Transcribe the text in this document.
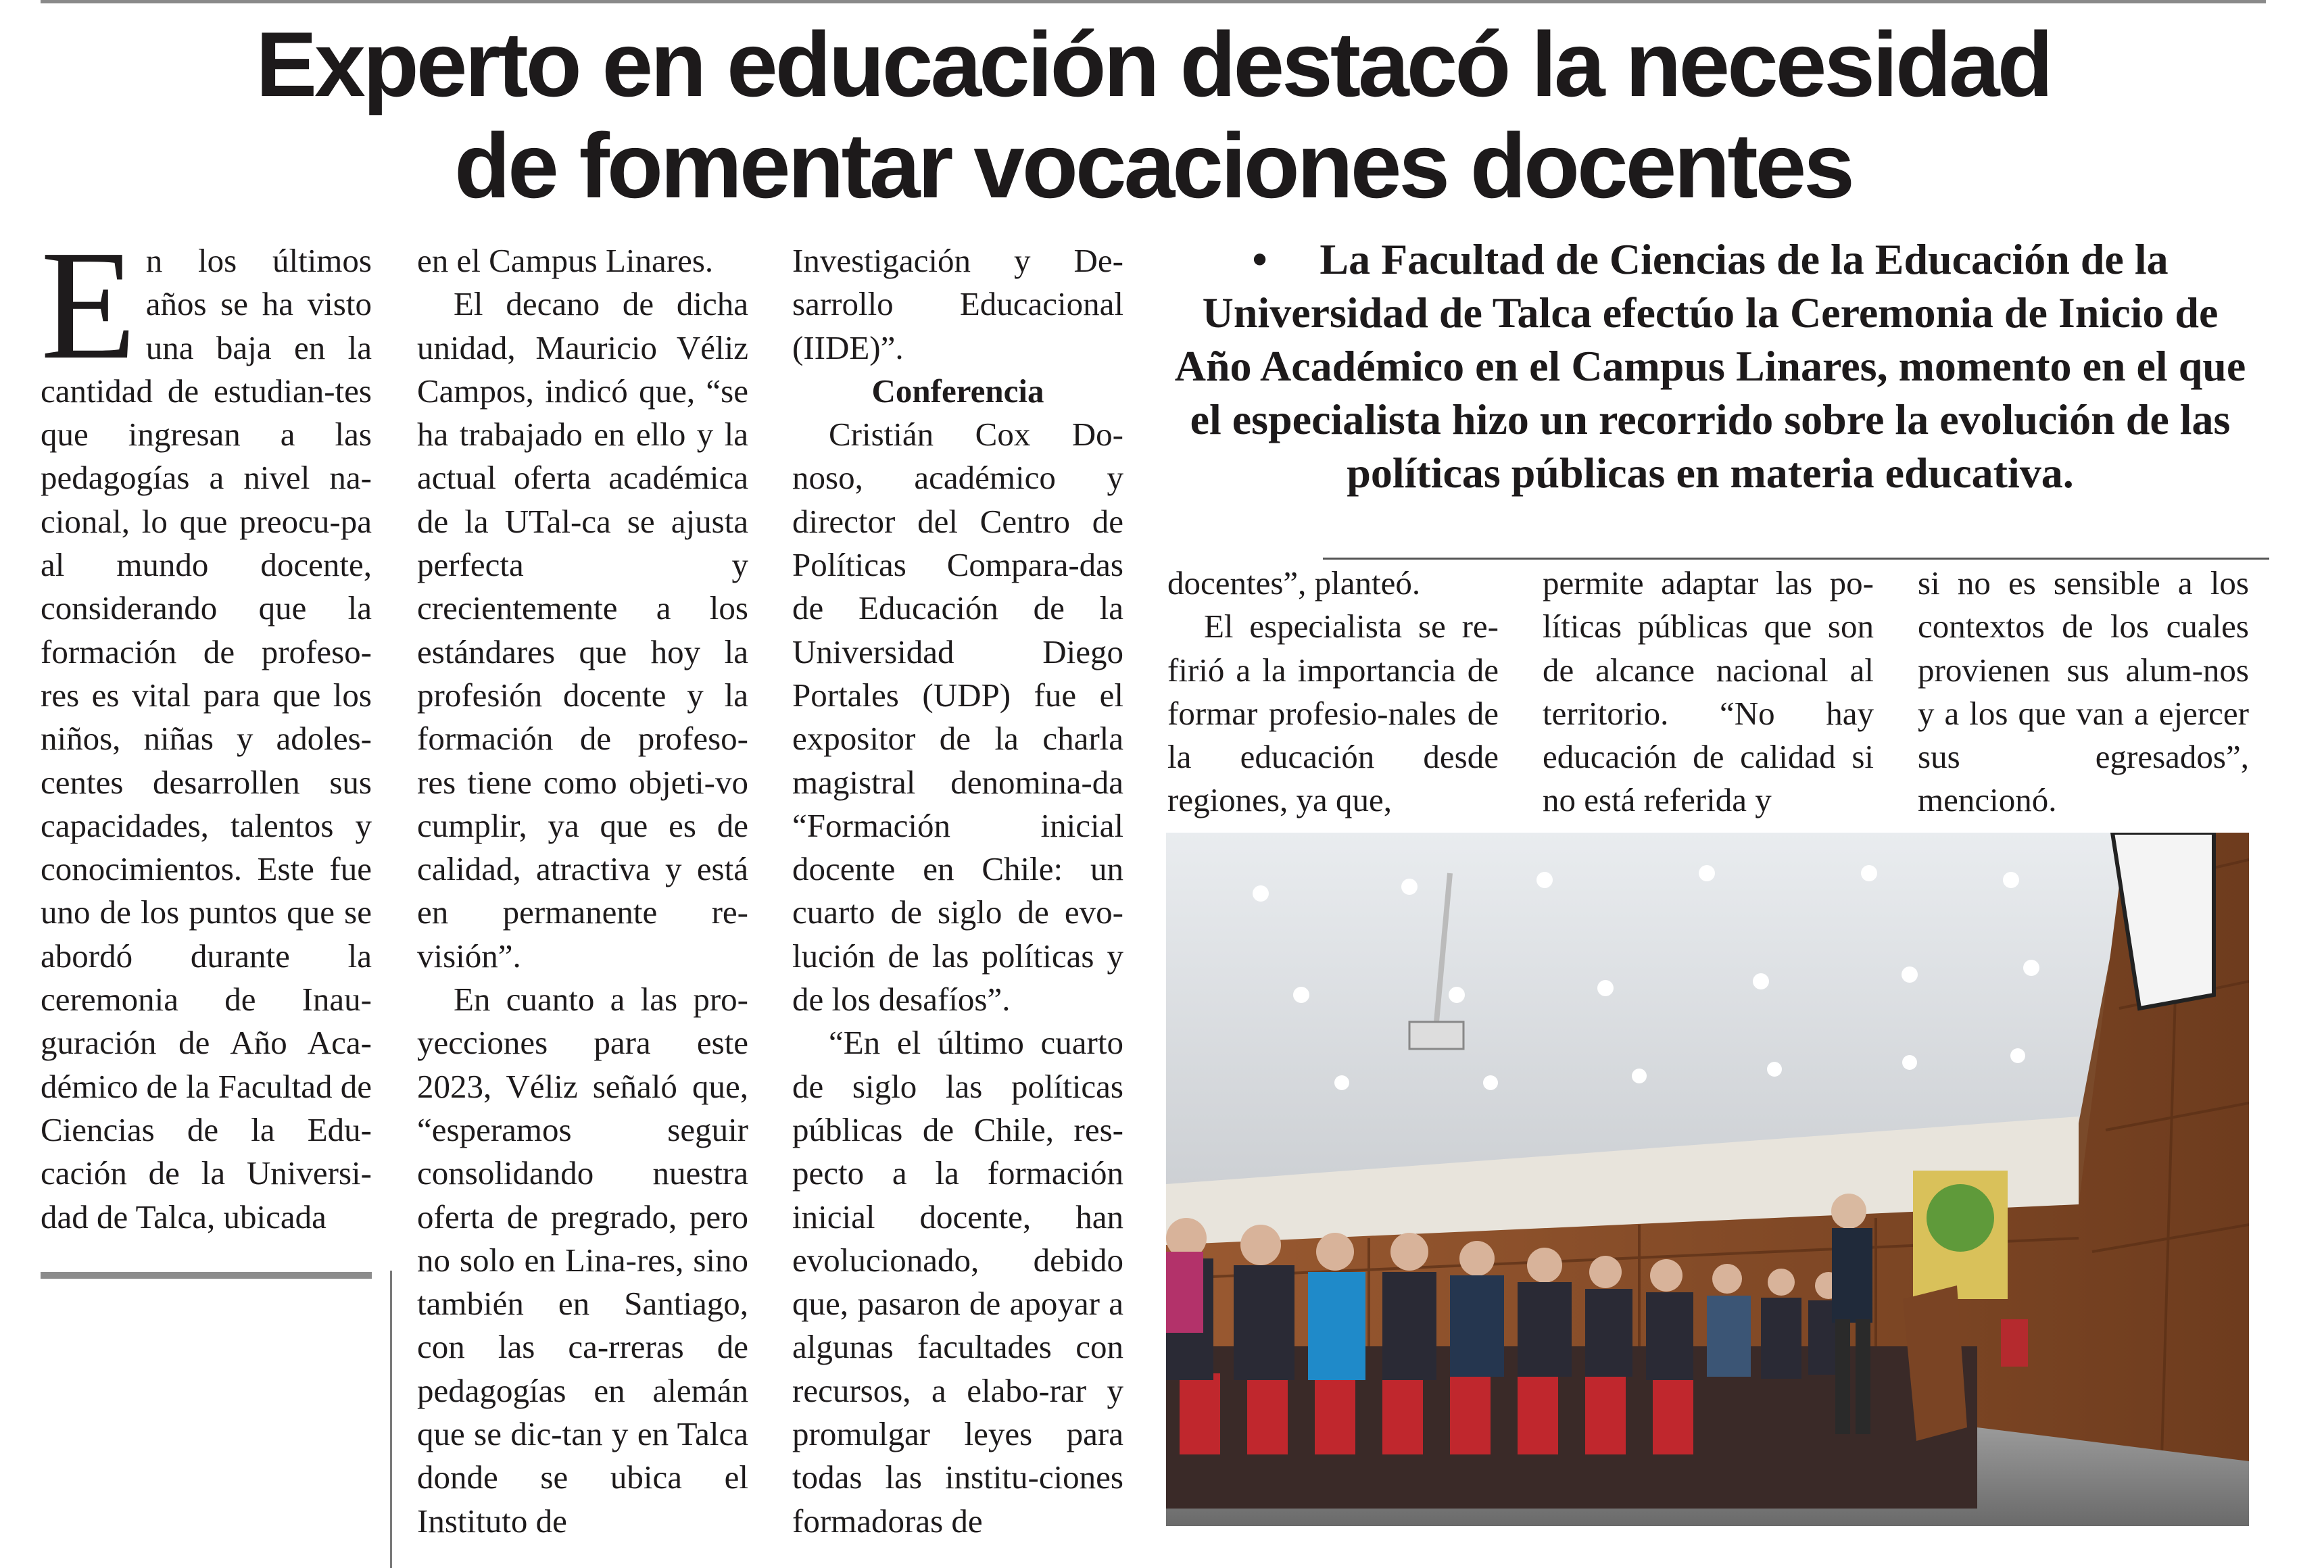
Experto en educación destacó la necesidad
de fomentar vocaciones docentes

En los últimos años se ha visto una baja en la cantidad de estudian-tes que ingresan a las pedagogías a nivel na-cional, lo que preocu-pa al mundo docente, considerando que la formación de profeso-res es vital para que los niños, niñas y adoles-centes desarrollen sus capacidades, talentos y conocimientos. Este fue uno de los puntos que se abordó durante la ceremonia de Inau-guración de Año Aca-démico de la Facultad de Ciencias de la Edu-cación de la Universi-dad de Talca, ubicada

en el Campus Linares.

El decano de dicha unidad, Mauricio Véliz Campos, indicó que, “se ha trabajado en ello y la actual oferta académica de la UTal-ca se ajusta perfecta y crecientemente a los estándares que hoy la profesión docente y la formación de profeso-res tiene como objeti-vo cumplir, ya que es de calidad, atractiva y está en permanente re-visión”.

En cuanto a las pro-yecciones para este 2023, Véliz señaló que, “esperamos seguir consolidando nuestra oferta de pregrado, pero no solo en Lina-res, sino también en Santiago, con las ca-rreras de pedagogías en alemán que se dic-tan y en Talca donde se ubica el Instituto de

Investigación y De-sarrollo Educacional (IIDE)”.

Conferencia

Cristián Cox Do-noso, académico y director del Centro de Políticas Compara-das de Educación de la Universidad Diego Portales (UDP) fue el expositor de la charla magistral denomina-da “Formación inicial docente en Chile: un cuarto de siglo de evo-lución de las políticas y de los desafíos”.

“En el último cuarto de siglo las políticas públicas de Chile, res-pecto a la formación inicial docente, han evolucionado, debido que, pasaron de apoyar a algunas facultades con recursos, a elabo-rar y promulgar leyes para todas las institu-ciones formadoras de

• La Facultad de Ciencias de la Educación de la Universidad de Talca efectúo la Ceremonia de Inicio de Año Académico en el Campus Linares, momento en el que el especialista hizo un recorrido sobre la evolución de las políticas públicas en materia educativa.

docentes”, planteó.

El especialista se re-firió a la importancia de formar profesio-nales de la educación desde regiones, ya que,

permite adaptar las po-líticas públicas que son de alcance nacional al territorio. “No hay educación de calidad si no está referida y

si no es sensible a los contextos de los cuales provienen sus alum-nos y a los que van a ejercer sus egresados”, mencionó.
